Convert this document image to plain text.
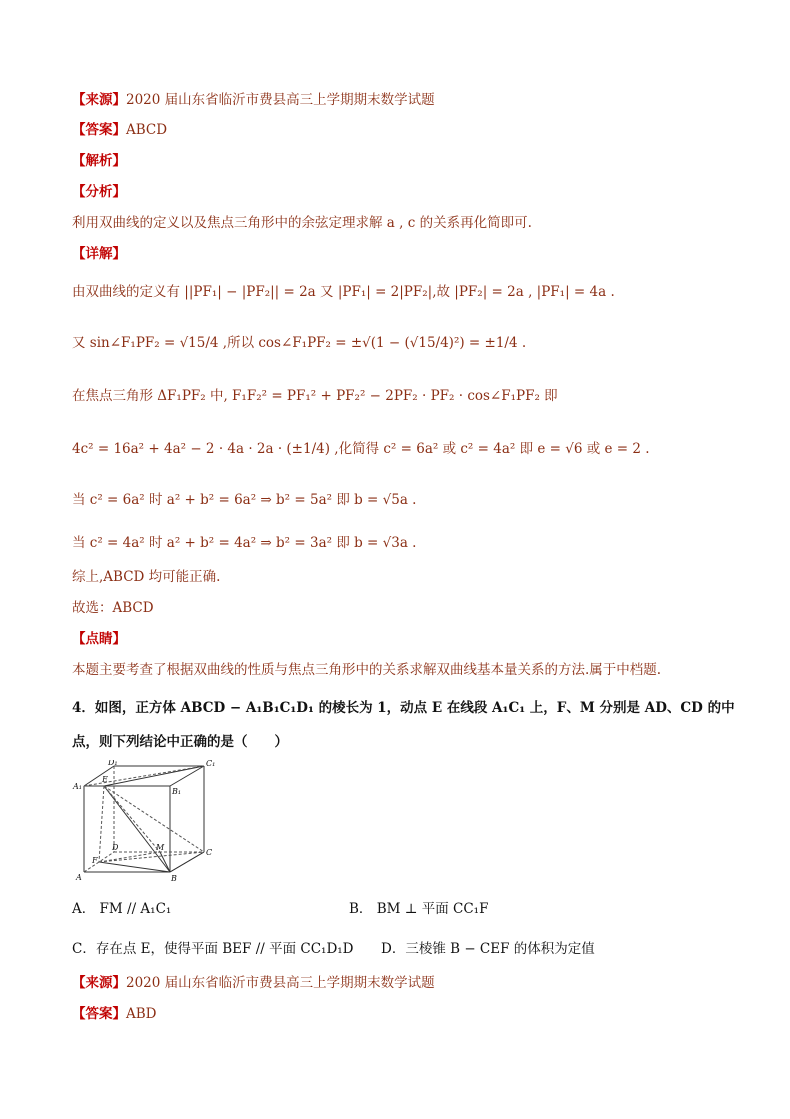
【来源】2020 届山东省临沂市费县高三上学期期末数学试题
【答案】ABCD
【解析】
【分析】
利用双曲线的定义以及焦点三角形中的余弦定理求解 a , c 的关系再化简即可.
【详解】
由双曲线的定义有 ||PF₁| − |PF₂|| = 2a 又 |PF₁| = 2|PF₂|,故 |PF₂| = 2a , |PF₁| = 4a .
又 sin∠F₁PF₂ = √15/4 ,所以 cos∠F₁PF₂ = ±√(1 − (√15/4)²) = ±1/4 .
在焦点三角形 ΔF₁PF₂ 中, F₁F₂² = PF₁² + PF₂² − 2PF₂ · PF₂ · cos∠F₁PF₂ 即
4c² = 16a² + 4a² − 2 · 4a · 2a · (±1/4) ,化简得 c² = 6a² 或 c² = 4a² 即 e = √6 或 e = 2 .
当 c² = 6a² 时 a² + b² = 6a² ⇒ b² = 5a² 即 b = √5a .
当 c² = 4a² 时 a² + b² = 4a² ⇒ b² = 3a² 即 b = √3a .
综上,ABCD 均可能正确.
故选：ABCD
【点睛】
本题主要考查了根据双曲线的性质与焦点三角形中的关系求解双曲线基本量关系的方法.属于中档题.
4．如图，正方体 ABCD − A₁B₁C₁D₁ 的棱长为 1，动点 E 在线段 A₁C₁ 上，F、M 分别是 AD、CD 的中
点，则下列结论中正确的是（　　）
D₁	C₁
A₁
B₁
E
D	M
F
C
A	B
A． FM // A₁C₁	B． BM ⊥ 平面 CC₁F
C．存在点 E，使得平面 BEF // 平面 CC₁D₁D D．三棱锥 B − CEF 的体积为定值
【来源】2020 届山东省临沂市费县高三上学期期末数学试题
【答案】ABD
